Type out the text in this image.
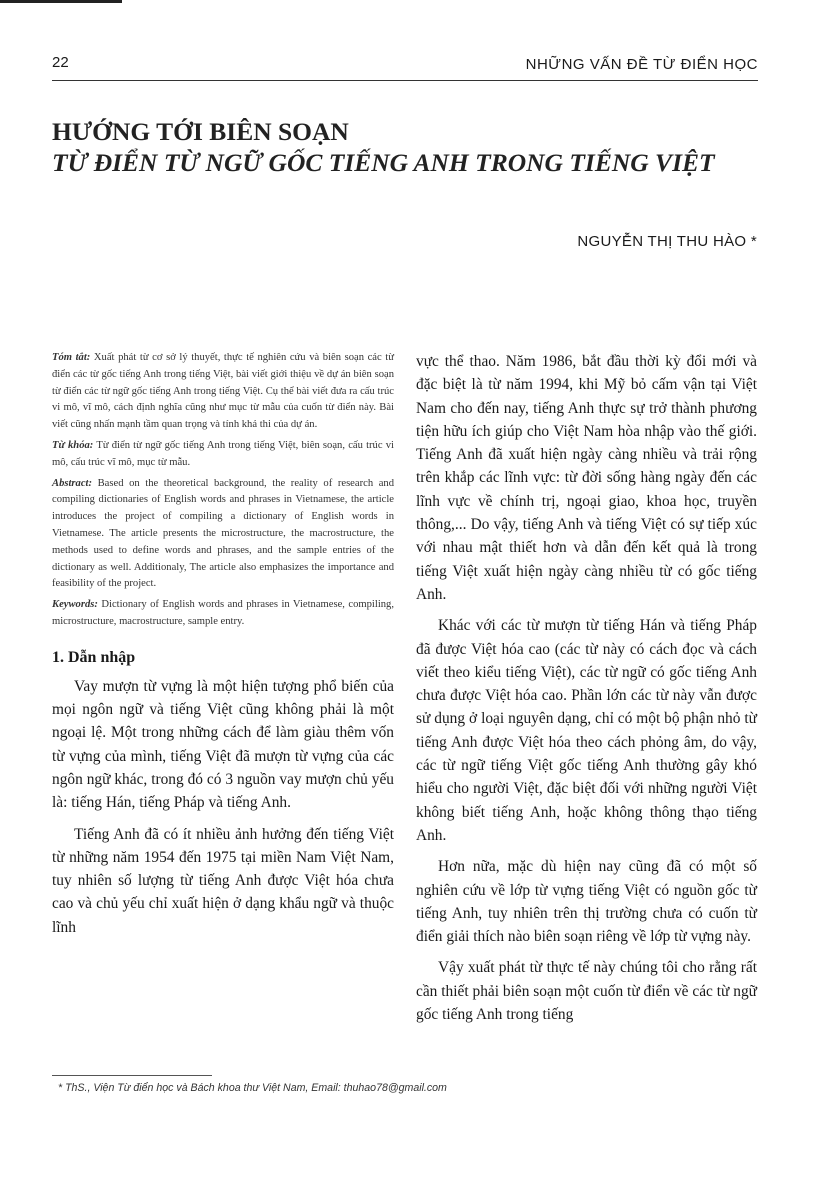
22	NHỮNG VẤN ĐỀ TỪ ĐIỂN HỌC
HƯỚNG TỚI BIÊN SOẠN
TỪ ĐIỂN TỪ NGỮ GỐC TIẾNG ANH TRONG TIẾNG VIỆT
NGUYỄN THỊ THU HÀO *

Tóm tắt: Xuất phát từ cơ sở lý thuyết, thực tế nghiên cứu và biên soạn các từ điển các từ gốc tiếng Anh trong tiếng Việt, bài viết giới thiệu về dự án biên soạn từ điển các từ ngữ gốc tiếng Anh trong tiếng Việt. Cụ thể bài viết đưa ra cấu trúc vi mô, vĩ mô, cách định nghĩa cũng như mục từ mẫu của cuốn từ điển này. Bài viết cũng nhấn mạnh tầm quan trọng và tính khả thi của dự án.

Từ khóa: Từ điển từ ngữ gốc tiếng Anh trong tiếng Việt, biên soạn, cấu trúc vi mô, cấu trúc vĩ mô, mục từ mẫu.

Abstract: Based on the theoretical background, the reality of research and compiling dictionaries of English words and phrases in Vietnamese, the article introduces the project of compiling a dictionary of English words in Vietnamese. The article presents the microstructure, the macrostructure, the methods used to define words and phrases, and the sample entries of the dictionary as well. Additionaly, The article also emphasizes the importance and feasibility of the project.

Keywords: Dictionary of English words and phrases in Vietnamese, compiling, microstructure, macrostructure, sample entry.

1. Dẫn nhập

Vay mượn từ vựng là một hiện tượng phổ biến của mọi ngôn ngữ và tiếng Việt cũng không phải là một ngoại lệ. Một trong những cách để làm giàu thêm vốn từ vựng của mình, tiếng Việt đã mượn từ vựng của các ngôn ngữ khác, trong đó có 3 nguồn vay mượn chủ yếu là: tiếng Hán, tiếng Pháp và tiếng Anh.

Tiếng Anh đã có ít nhiều ảnh hưởng đến tiếng Việt từ những năm 1954 đến 1975 tại miền Nam Việt Nam, tuy nhiên số lượng từ tiếng Anh được Việt hóa chưa cao và chủ yếu chỉ xuất hiện ở dạng khẩu ngữ và thuộc lĩnh

vực thể thao. Năm 1986, bắt đầu thời kỳ đổi mới và đặc biệt là từ năm 1994, khi Mỹ bỏ cấm vận tại Việt Nam cho đến nay, tiếng Anh thực sự trở thành phương tiện hữu ích giúp cho Việt Nam hòa nhập vào thế giới. Tiếng Anh đã xuất hiện ngày càng nhiều và trải rộng trên khắp các lĩnh vực: từ đời sống hàng ngày đến các lĩnh vực về chính trị, ngoại giao, khoa học, truyền thông,... Do vậy, tiếng Anh và tiếng Việt có sự tiếp xúc với nhau mật thiết hơn và dẫn đến kết quả là trong tiếng Việt xuất hiện ngày càng nhiều từ có gốc tiếng Anh.

Khác với các từ mượn từ tiếng Hán và tiếng Pháp đã được Việt hóa cao (các từ này có cách đọc và cách viết theo kiểu tiếng Việt), các từ ngữ có gốc tiếng Anh chưa được Việt hóa cao. Phần lớn các từ này vẫn được sử dụng ở loại nguyên dạng, chỉ có một bộ phận nhỏ từ tiếng Anh được Việt hóa theo cách phỏng âm, do vậy, các từ ngữ tiếng Việt gốc tiếng Anh thường gây khó hiểu cho người Việt, đặc biệt đối với những người Việt không biết tiếng Anh, hoặc không thông thạo tiếng Anh.

Hơn nữa, mặc dù hiện nay cũng đã có một số nghiên cứu về lớp từ vựng tiếng Việt có nguồn gốc từ tiếng Anh, tuy nhiên trên thị trường chưa có cuốn từ điển giải thích nào biên soạn riêng về lớp từ vựng này.

Vậy xuất phát từ thực tế này chúng tôi cho rằng rất cần thiết phải biên soạn một cuốn từ điển về các từ ngữ gốc tiếng Anh trong tiếng

* ThS., Viện Từ điển học và Bách khoa thư Việt Nam, Email: thuhao78@gmail.com
